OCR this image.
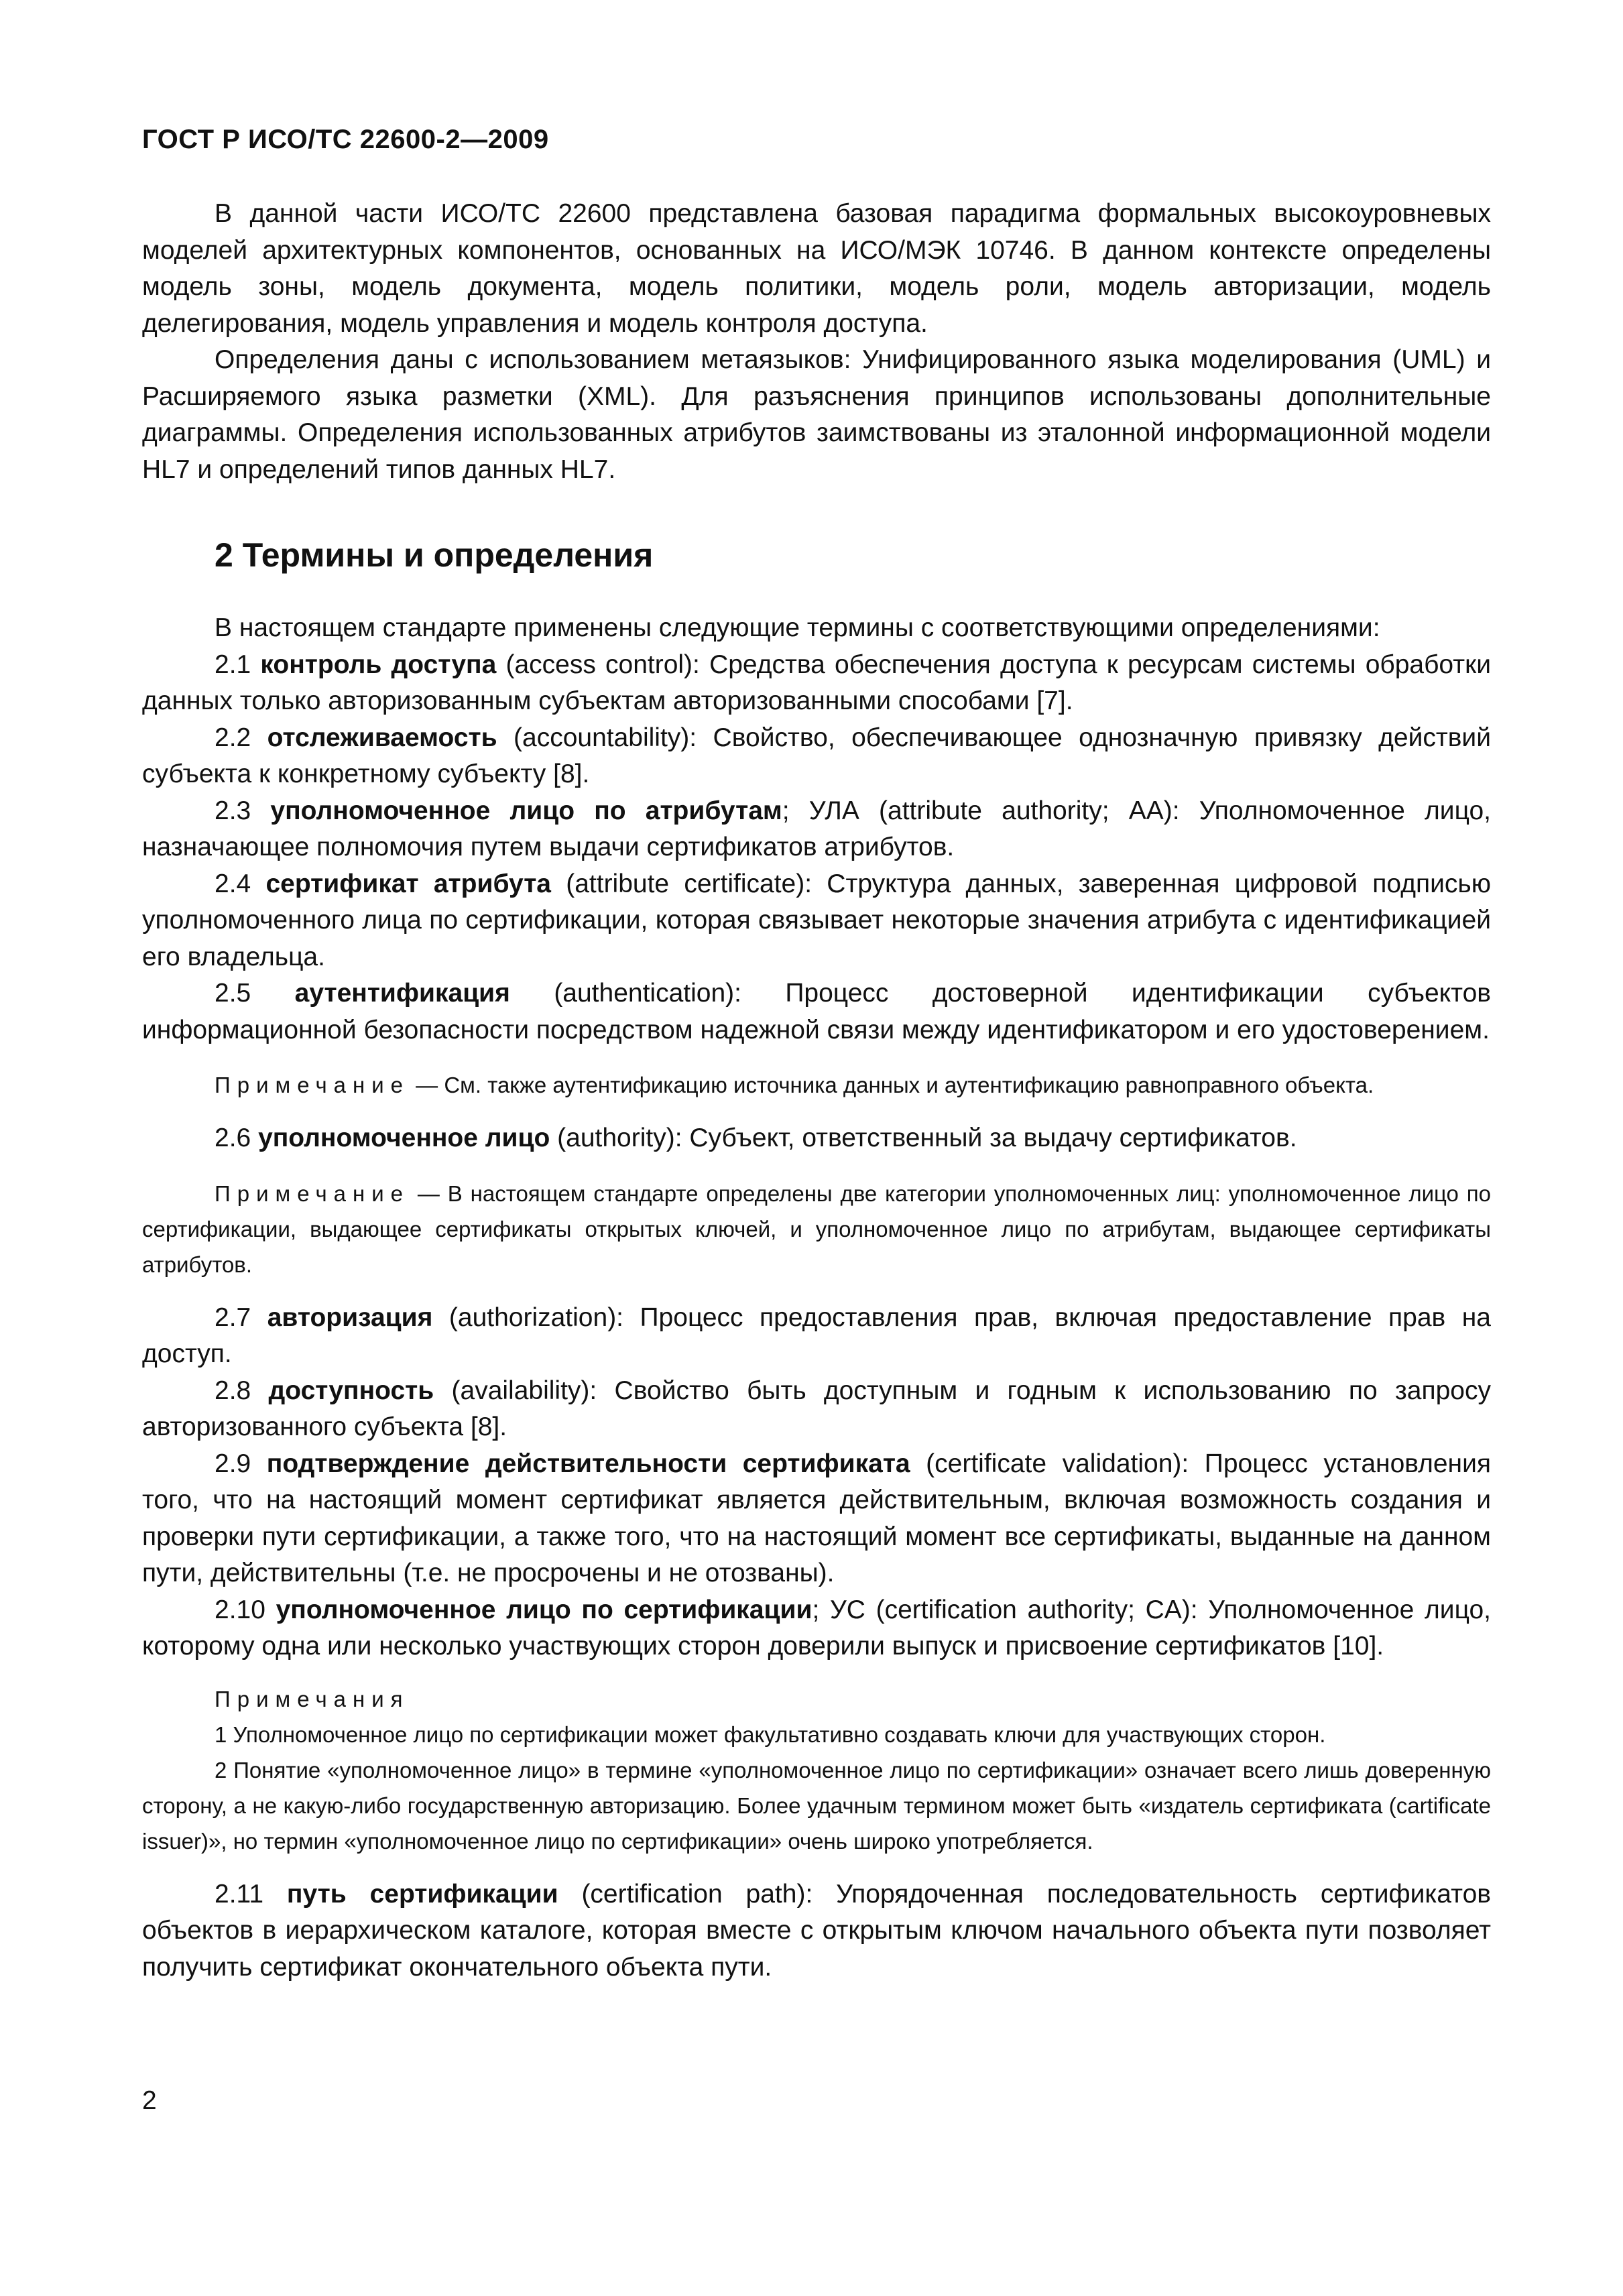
ГОСТ Р ИСО/ТС 22600-2—2009

В данной части ИСО/ТС 22600 представлена базовая парадигма формальных высокоуровневых моделей архитектурных компонентов, основанных на ИСО/МЭК 10746. В данном контексте определены модель зоны, модель документа, модель политики, модель роли, модель авторизации, модель делегирования, модель управления и модель контроля доступа.

Определения даны с использованием метаязыков: Унифицированного языка моделирования (UML) и Расширяемого языка разметки (XML). Для разъяснения принципов использованы дополнительные диаграммы. Определения использованных атрибутов заимствованы из эталонной информационной модели HL7 и определений типов данных HL7.

2 Термины и определения

В настоящем стандарте применены следующие термины с соответствующими определениями:

2.1 контроль доступа (access control): Средства обеспечения доступа к ресурсам системы обработки данных только авторизованным субъектам авторизованными способами [7].

2.2 отслеживаемость (accountability): Свойство, обеспечивающее однозначную привязку действий субъекта к конкретному субъекту [8].

2.3 уполномоченное лицо по атрибутам; УЛА (attribute authority; АА): Уполномоченное лицо, назначающее полномочия путем выдачи сертификатов атрибутов.

2.4 сертификат атрибута (attribute certificate): Структура данных, заверенная цифровой подписью уполномоченного лица по сертификации, которая связывает некоторые значения атрибута с идентификацией его владельца.

2.5 аутентификация (authentication): Процесс достоверной идентификации субъектов информационной безопасности посредством надежной связи между идентификатором и его удостоверением.

Примечание — См. также аутентификацию источника данных и аутентификацию равноправного объекта.

2.6 уполномоченное лицо (authority): Субъект, ответственный за выдачу сертификатов.

Примечание — В настоящем стандарте определены две категории уполномоченных лиц: уполномоченное лицо по сертификации, выдающее сертификаты открытых ключей, и уполномоченное лицо по атрибутам, выдающее сертификаты атрибутов.

2.7 авторизация (authorization): Процесс предоставления прав, включая предоставление прав на доступ.

2.8 доступность (availability): Свойство быть доступным и годным к использованию по запросу авторизованного субъекта [8].

2.9 подтверждение действительности сертификата (certificate validation): Процесс установления того, что на настоящий момент сертификат является действительным, включая возможность создания и проверки пути сертификации, а также того, что на настоящий момент все сертификаты, выданные на данном пути, действительны (т.е. не просрочены и не отозваны).

2.10 уполномоченное лицо по сертификации; УС (certification authority; CA): Уполномоченное лицо, которому одна или несколько участвующих сторон доверили выпуск и присвоение сертификатов [10].

Примечания

1 Уполномоченное лицо по сертификации может факультативно создавать ключи для участвующих сторон.

2 Понятие «уполномоченное лицо» в термине «уполномоченное лицо по сертификации» означает всего лишь доверенную сторону, а не какую-либо государственную авторизацию. Более удачным термином может быть «издатель сертификата (cartificate issuer)», но термин «уполномоченное лицо по сертификации» очень широко употребляется.

2.11 путь сертификации (certification path): Упорядоченная последовательность сертификатов объектов в иерархическом каталоге, которая вместе с открытым ключом начального объекта пути позволяет получить сертификат окончательного объекта пути.

2
